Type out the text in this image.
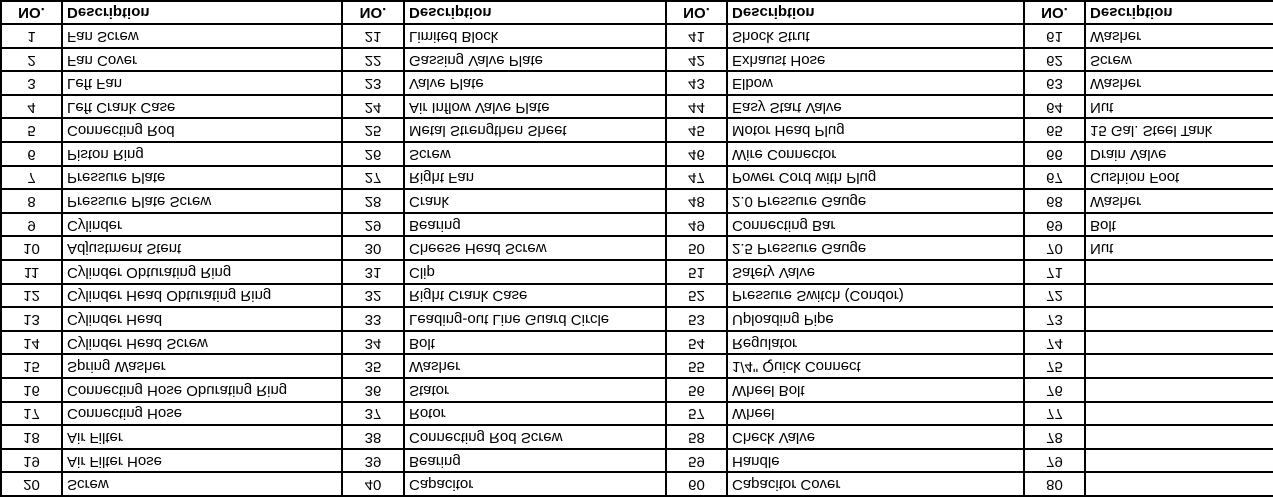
20	Screw	40	Capacitor	60	Capacitor Cover	80	
19	Air Filter Hose	39	Bearing	59	Handle	79	
18	Air Filter	38	Connecting Rod Screw	58	Check Valve	78	
17	Connecting Hose	37	Rotor	57	Wheel	77	
16	Connecting Hose Oburating Ring	36	Stator	56	Wheel Bolt	76	
15	Spring Washer	35	Washer	55	1/4" Quick Connect	75	
14	Cylinder Head Screw	34	Bolt	54	Regulator	74	
13	Cylinder Head	33	Leading-out Line Guard Circle	53	Uploading Pipe	73	
12	Cylinder Head Obturating Ring	32	Right Crank Case	52	Pressure Switch (Condor)	72	
11	Cylinder Obturating Ring	31	Clip	51	Safety Valve	71	
10	Adjustment Stent	30	Cheese Head Screw	50	2.5 Pressure Gauge	70	Nut
9	Cylinder	29	Bearing	49	Connecting Bar	69	Bolt
8	Pressure Plate Screw	28	Crank	48	2.0 Pressure Gauge	68	Washer
7	Pressure Plate	27	Right Fan	47	Power Cord with Plug	67	Cushion Foot
6	Piston Ring	26	Screw	46	Wire Connector	66	Drain Valve
5	Connecting Rod	25	Metal Strengthen Sheet	45	Motor Head Plug	65	15 Gal. Steel Tank
4	Left Crank Case	24	Air Inflow Valve Plate	44	Easy Start Valve	64	Nut
3	Left Fan	23	Valve Plate	43	Elbow	63	Washer
2	Fan Cover	22	Gassing Valve Plate	42	Exhaust Hose	62	Screw
1	Fan Screw	21	Limited Block	41	Shock Strut	61	Washer
NO.	Description	NO.	Description	NO.	Description	NO.	Description
